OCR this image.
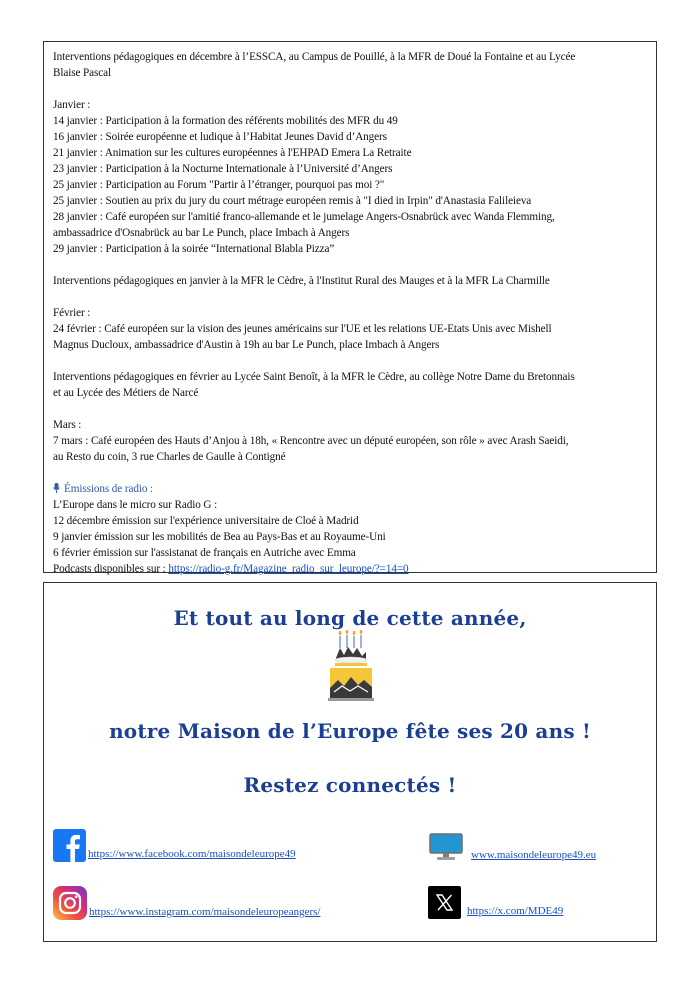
Interventions pédagogiques en décembre à l’ESSCA, au Campus de Pouillé, à la MFR de Doué la Fontaine et au Lycée
Blaise Pascal
Janvier :
14 janvier : Participation à la formation des référents mobilités des MFR du 49
16 janvier : Soirée européenne et ludique à l’Habitat Jeunes David d’Angers
21 janvier : Animation sur les cultures européennes à l'EHPAD Emera La Retraite
23 janvier : Participation à la Nocturne Internationale à l’Université d’Angers
25 janvier : Participation au Forum "Partir à l’étranger, pourquoi pas moi ?"
25 janvier : Soutien au prix du jury du court métrage européen remis à "I died in Irpin" d'Anastasia Falileieva
28 janvier : Café européen sur l'amitié franco-allemande et le jumelage Angers-Osnabrück avec Wanda Flemming,
ambassadrice d'Osnabrück au bar Le Punch, place Imbach à Angers
29 janvier : Participation à la soirée “International Blabla Pizza”
Interventions pédagogiques en janvier à la MFR le Cèdre, à l'Institut Rural des Mauges et à la MFR La Charmille
Février :
24 février : Café européen sur la vision des jeunes américains sur l'UE et les relations UE-Etats Unis avec Mishell
Magnus Ducloux, ambassadrice d'Austin à 19h au bar Le Punch, place Imbach à Angers
Interventions pédagogiques en février au Lycée Saint Benoît, à la MFR le Cèdre, au collège Notre Dame du Bretonnais
et au Lycée des Métiers de Narcé
Mars :
7 mars : Café européen des Hauts d’Anjou à 18h, « Rencontre avec un député européen, son rôle » avec Arash Saeidi,
au Resto du coin, 3 rue Charles de Gaulle à Contigné
Émissions de radio :
L’Europe dans le micro sur Radio G :
12 décembre émission sur l'expérience universitaire de Cloé à Madrid
9 janvier émission sur les mobilités de Bea au Pays-Bas et au Royaume-Uni
6 février émission sur l'assistanat de français en Autriche avec Emma
Podcasts disponibles sur : https://radio-g.fr/Magazine_radio_sur_leurope/?=14=0
Et tout au long de cette année,
notre Maison de l’Europe fête ses 20 ans !
Restez connectés !
https://www.facebook.com/maisondeleurope49	www.maisondeleurope49.eu
https://www.instagram.com/maisondeleuropeangers/	https://x.com/MDE49
